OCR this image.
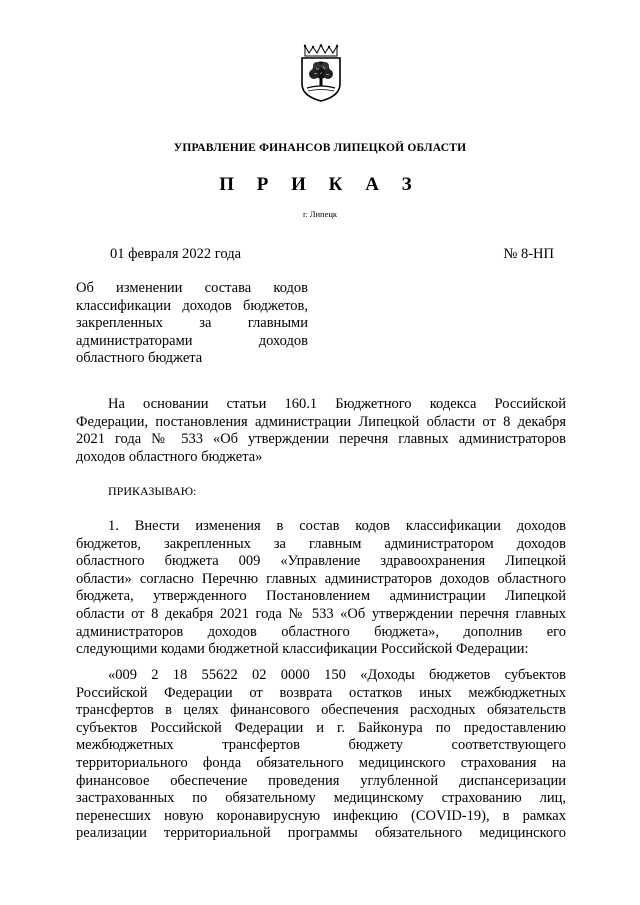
УПРАВЛЕНИЕ ФИНАНСОВ ЛИПЕЦКОЙ ОБЛАСТИ
П Р И К А З
г. Липецк
01 февраля 2022 года	№ 8-НП
Об изменении состава кодов
классификации доходов бюджетов,
закрепленных за главными
администраторами доходов
областного бюджета
На основании статьи 160.1 Бюджетного кодекса Российской
Федерации, постановления администрации Липецкой области от 8 декабря
2021 года № 533 «Об утверждении перечня главных администраторов
доходов областного бюджета»
ПРИКАЗЫВАЮ:
1. Внести изменения в состав кодов классификации доходов
бюджетов, закрепленных за главным администратором доходов
областного бюджета 009 «Управление здравоохранения Липецкой
области» согласно Перечню главных администраторов доходов областного
бюджета, утвержденного Постановлением администрации Липецкой
области от 8 декабря 2021 года № 533 «Об утверждении перечня главных
администраторов доходов областного бюджета», дополнив его
следующими кодами бюджетной классификации Российской Федерации:
«009 2 18 55622 02 0000 150 «Доходы бюджетов субъектов
Российской Федерации от возврата остатков иных межбюджетных
трансфертов в целях финансового обеспечения расходных обязательств
субъектов Российской Федерации и г. Байконура по предоставлению
межбюджетных трансфертов бюджету соответствующего
территориального фонда обязательного медицинского страхования на
финансовое обеспечение проведения углубленной диспансеризации
застрахованных по обязательному медицинскому страхованию лиц,
перенесших новую коронавирусную инфекцию (COVID-19), в рамках
реализации территориальной программы обязательного медицинского
